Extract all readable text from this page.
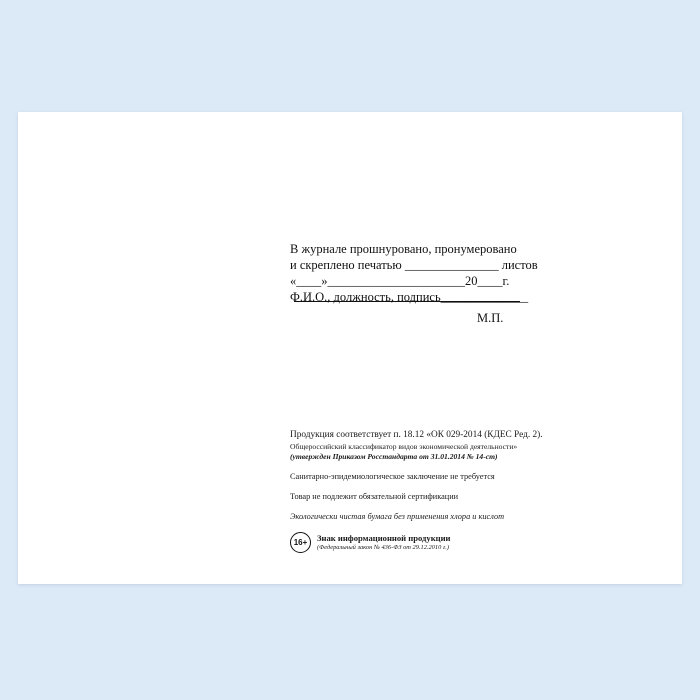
В журнале прошнуровано, пронумеровано
и скреплено печатью _______________ листов
«____»______________________20____г.
Ф.И.О., должность, подпись______________
М.П.
Продукция соответствует п. 18.12 «ОК 029-2014 (КДЕС Ред. 2).
Общероссийский классификатор видов экономической деятельности»
(утвержден Приказом Росстандарта от 31.01.2014 № 14-ст)
Санитарно-эпидемиологическое заключение не требуется
Товар не подлежит обязательной сертификации
Экологически чистая бумага без применения хлора и кислот
16+	Знак информационной продукции
(Федеральный закон № 436-ФЗ от 29.12.2010 г.)
